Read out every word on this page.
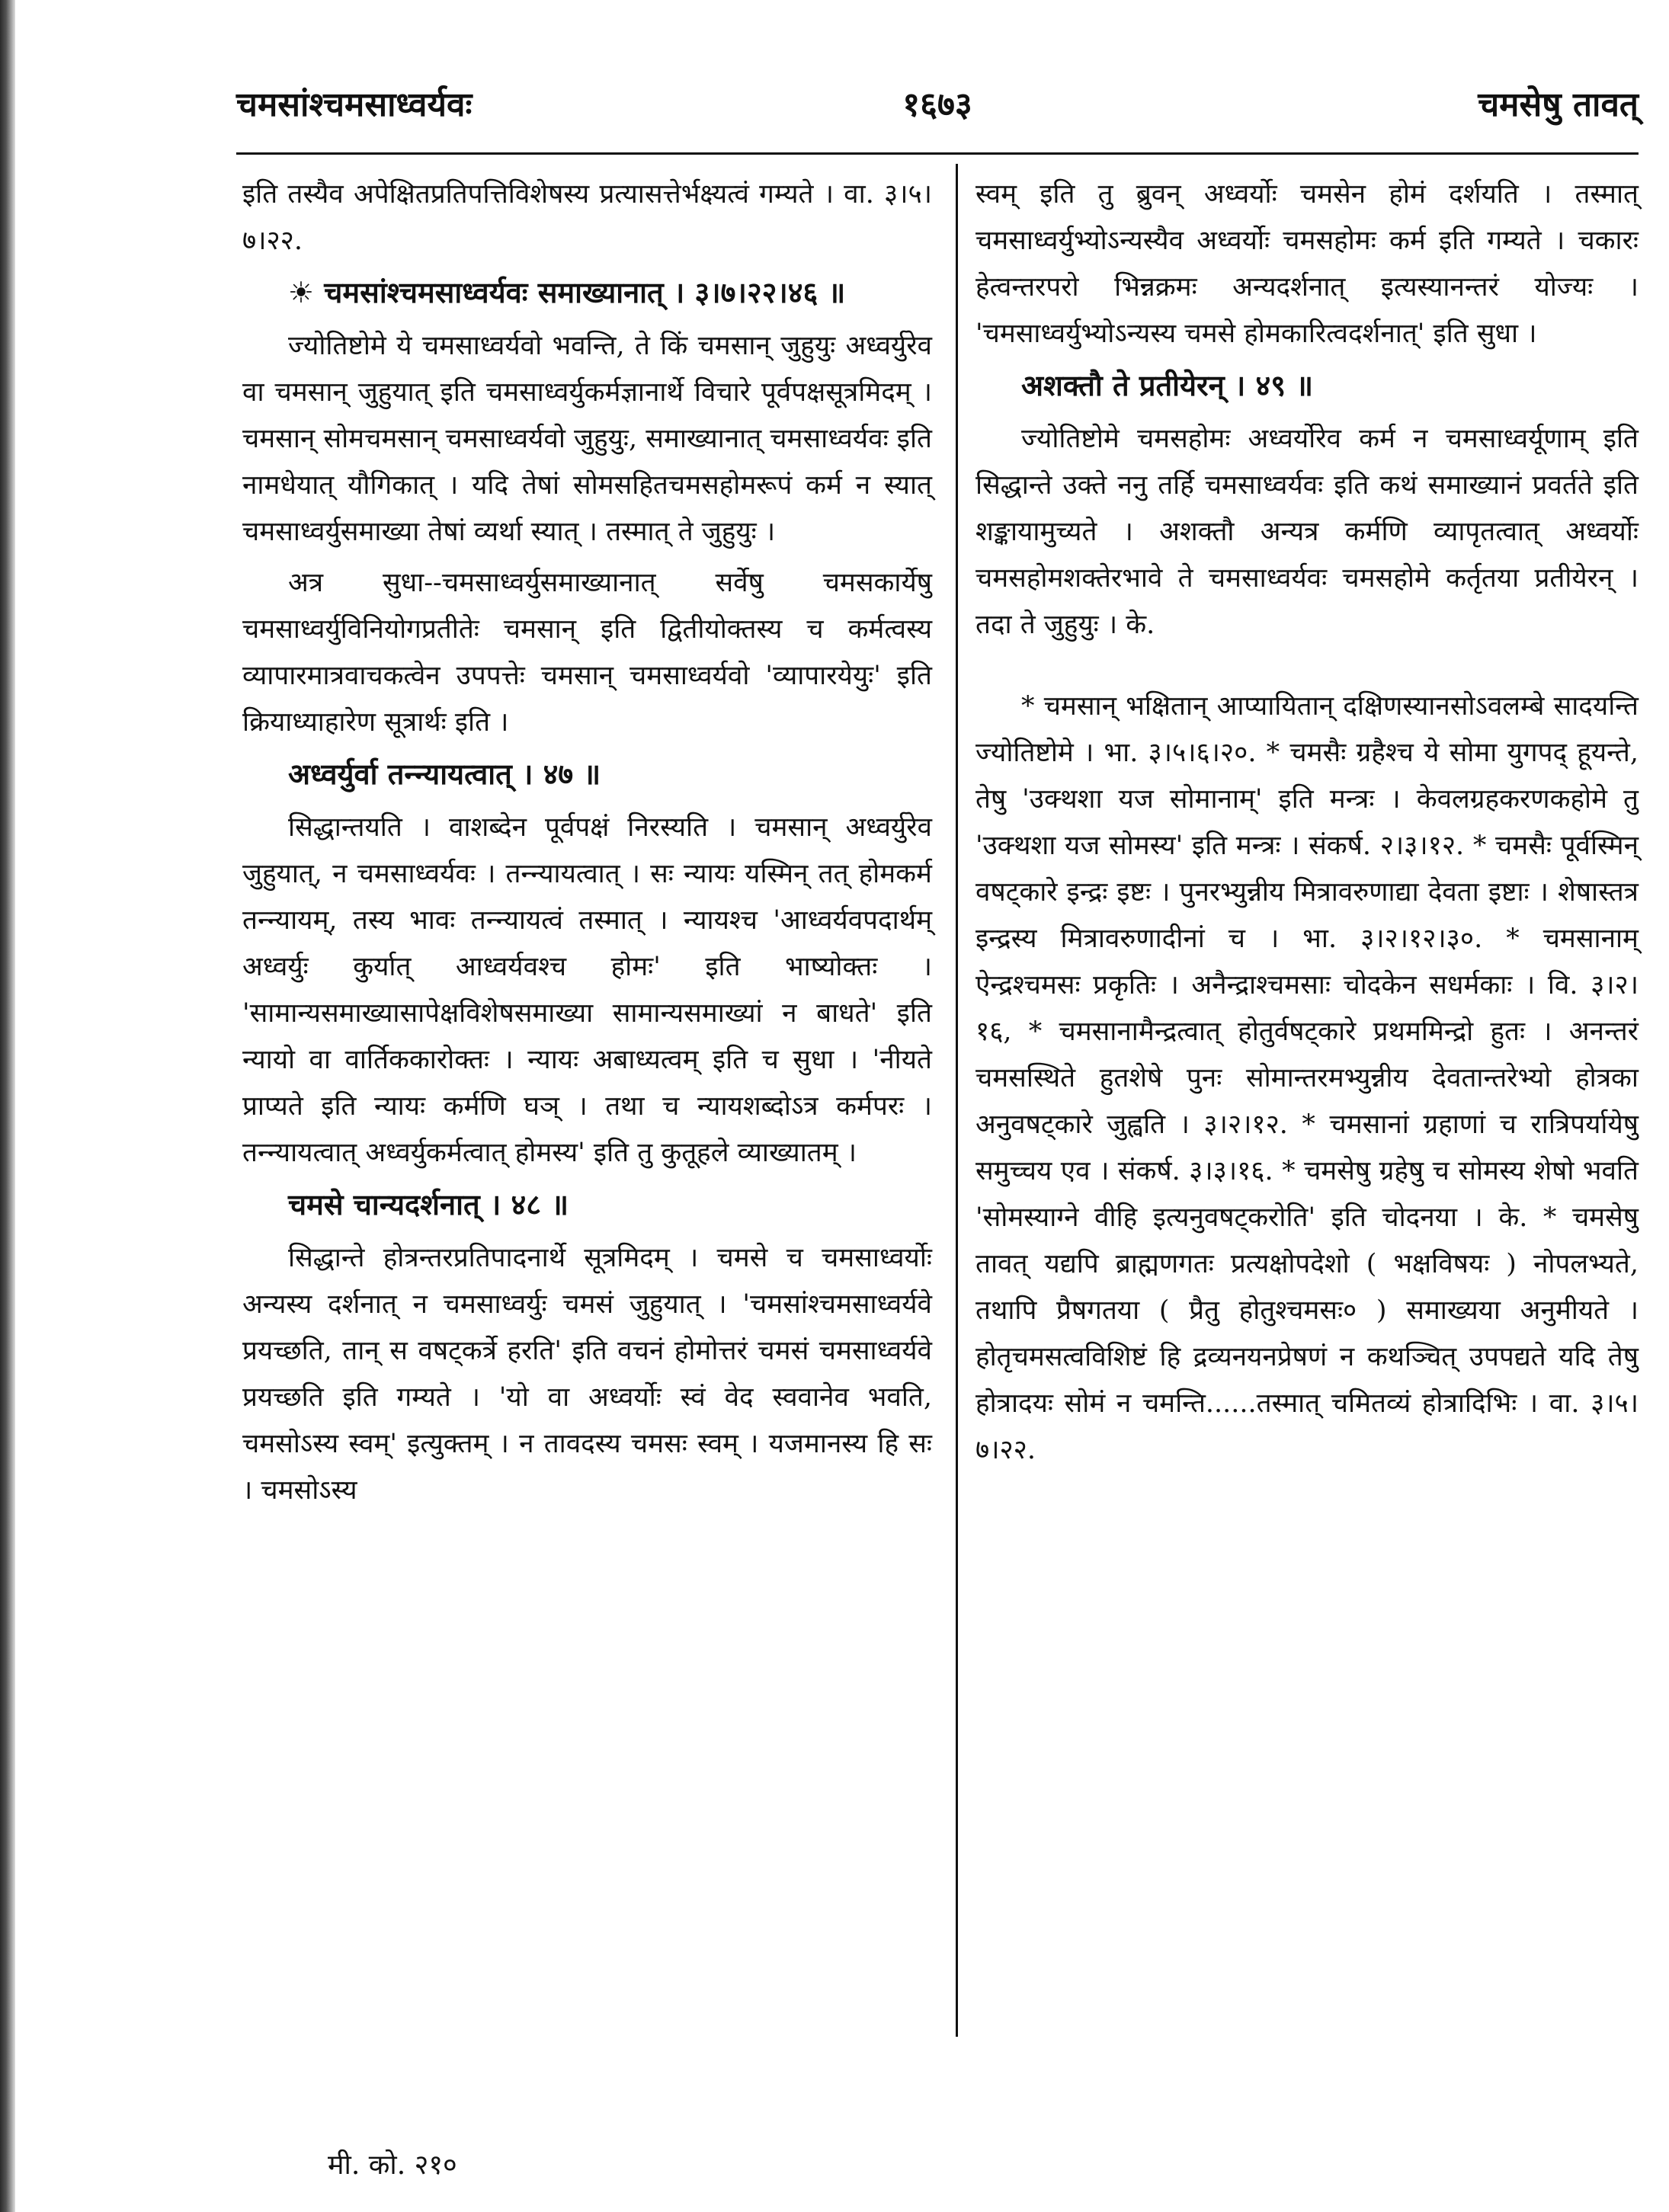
चमसांश्चमसाध्वर्यवः	१६७३	चमसेषु तावत्

इति तस्यैव अपेक्षितप्रतिपत्तिविशेषस्य प्रत्यासत्तेर्भक्ष्यत्वं गम्यते । वा. ३।५।७।२२.

☀ चमसांश्चमसाध्वर्यवः समाख्यानात् । ३।७।२२।४६ ॥

ज्योतिष्टोमे ये चमसाध्वर्यवो भवन्ति, ते किं चमसान् जुहुयुः अध्वर्युरेव वा चमसान् जुहुयात् इति चमसाध्वर्युकर्मज्ञानार्थे विचारे पूर्वपक्षसूत्रमिदम् । चमसान् सोमचमसान् चमसाध्वर्यवो जुहुयुः, समाख्यानात् चमसाध्वर्यवः इति नामधेयात् यौगिकात् । यदि तेषां सोमसहितचमसहोमरूपं कर्म न स्यात् चमसाध्वर्युसमाख्या तेषां व्यर्था स्यात् । तस्मात् ते जुहुयुः ।

अत्र सुधा--चमसाध्वर्युसमाख्यानात् सर्वेषु चमसकार्येषु चमसाध्वर्युविनियोगप्रतीतेः चमसान् इति द्वितीयोक्तस्य च कर्मत्वस्य व्यापारमात्रवाचकत्वेन उपपत्तेः चमसान् चमसाध्वर्यवो 'व्यापारयेयुः' इति क्रियाध्याहारेण सूत्रार्थः इति ।

अध्वर्युर्वा तन्न्यायत्वात् । ४७ ॥

सिद्धान्तयति । वाशब्देन पूर्वपक्षं निरस्यति । चमसान् अध्वर्युरेव जुहुयात्, न चमसाध्वर्यवः । तन्न्यायत्वात् । सः न्यायः यस्मिन् तत् होमकर्म तन्न्यायम्, तस्य भावः तन्न्यायत्वं तस्मात् । न्यायश्च 'आध्वर्यवपदार्थम् अध्वर्युः कुर्यात् आध्वर्यवश्च होमः' इति भाष्योक्तः । 'सामान्यसमाख्यासापेक्षविशेषसमाख्या सामान्यसमाख्यां न बाधते' इति न्यायो वा वार्तिककारोक्तः । न्यायः अबाध्यत्वम् इति च सुधा । 'नीयते प्राप्यते इति न्यायः कर्मणि घञ् । तथा च न्यायशब्दोऽत्र कर्मपरः । तन्न्यायत्वात् अध्वर्युकर्मत्वात् होमस्य' इति तु कुतूहले व्याख्यातम् ।

चमसे चान्यदर्शनात् । ४८ ॥

सिद्धान्ते होत्रन्तरप्रतिपादनार्थे सूत्रमिदम् । चमसे च चमसाध्वर्योः अन्यस्य दर्शनात् न चमसाध्वर्युः चमसं जुहुयात् । 'चमसांश्चमसाध्वर्यवे प्रयच्छति, तान् स वषट्कर्त्रे हरति' इति वचनं होमोत्तरं चमसं चमसाध्वर्यवे प्रयच्छति इति गम्यते । 'यो वा अध्वर्योः स्वं वेद स्ववानेव भवति, चमसोऽस्य स्वम्' इत्युक्तम् । न तावदस्य चमसः स्वम् । यजमानस्य हि सः । चमसोऽस्य

स्वम् इति तु ब्रुवन् अध्वर्योः चमसेन होमं दर्शयति । तस्मात् चमसाध्वर्युभ्योऽन्यस्यैव अध्वर्योः चमसहोमः कर्म इति गम्यते । चकारः हेत्वन्तरपरो भिन्नक्रमः अन्यदर्शनात् इत्यस्यानन्तरं योज्यः । 'चमसाध्वर्युभ्योऽन्यस्य चमसे होमकारित्वदर्शनात्' इति सुधा ।

अशक्तौ ते प्रतीयेरन् । ४९ ॥

ज्योतिष्टोमे चमसहोमः अध्वर्योरेव कर्म न चमसाध्वर्यूणाम् इति सिद्धान्ते उक्ते ननु तर्हि चमसाध्वर्यवः इति कथं समाख्यानं प्रवर्तते इति शङ्कायामुच्यते । अशक्तौ अन्यत्र कर्मणि व्यापृतत्वात् अध्वर्योः चमसहोमशक्तेरभावे ते चमसाध्वर्यवः चमसहोमे कर्तृतया प्रतीयेरन् । तदा ते जुहुयुः । के.

* चमसान् भक्षितान् आप्यायितान् दक्षिणस्यानसोऽवलम्बे सादयन्ति ज्योतिष्टोमे । भा. ३।५।६।२०. * चमसैः ग्रहैश्च ये सोमा युगपद् हूयन्ते, तेषु 'उक्थशा यज सोमानाम्' इति मन्त्रः । केवलग्रहकरणकहोमे तु 'उक्थशा यज सोमस्य' इति मन्त्रः । संकर्ष. २।३।१२. * चमसैः पूर्वस्मिन् वषट्कारे इन्द्रः इष्टः । पुनरभ्युन्नीय मित्रावरुणाद्या देवता इष्टाः । शेषास्तत्र इन्द्रस्य मित्रावरुणादीनां च । भा. ३।२।१२।३०. * चमसानाम् ऐन्द्रश्चमसः प्रकृतिः । अनैन्द्राश्चमसाः चोदकेन सधर्मकाः । वि. ३।२।१६, * चमसानामैन्द्रत्वात् होतुर्वषट्कारे प्रथममिन्द्रो हुतः । अनन्तरं चमसस्थिते हुतशेषे पुनः सोमान्तरमभ्युन्नीय देवतान्तरेभ्यो होत्रका अनुवषट्कारे जुह्वति । ३।२।१२. * चमसानां ग्रहाणां च रात्रिपर्यायेषु समुच्चय एव । संकर्ष. ३।३।१६. * चमसेषु ग्रहेषु च सोमस्य शेषो भवति 'सोमस्याग्ने वीहि इत्यनुवषट्करोति' इति चोदनया । के. * चमसेषु तावत् यद्यपि ब्राह्मणगतः प्रत्यक्षोपदेशो ( भक्षविषयः ) नोपलभ्यते, तथापि प्रैषगतया ( प्रैतु होतुश्चमसः० ) समाख्यया अनुमीयते । होतृचमसत्वविशिष्टं हि द्रव्यनयनप्रेषणं न कथञ्चित् उपपद्यते यदि तेषु होत्रादयः सोमं न चमन्ति......तस्मात् चमितव्यं होत्रादिभिः । वा. ३।५।७।२२.

मी. को. २१०
